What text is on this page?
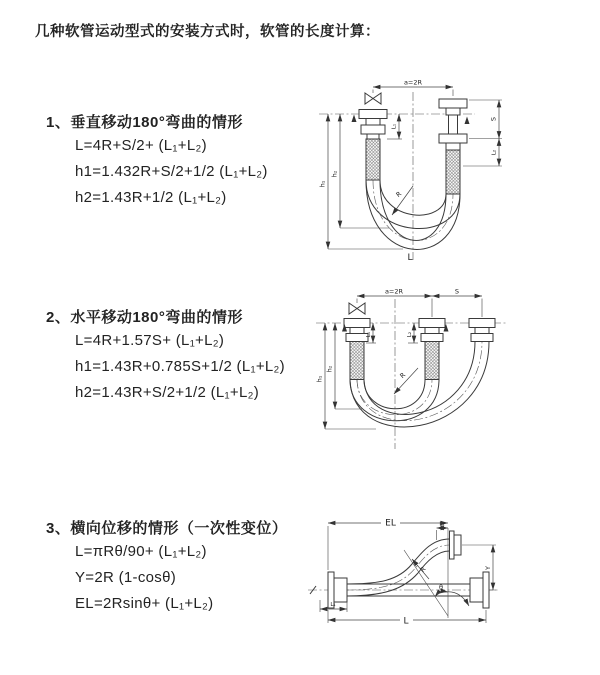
几种软管运动型式的安装方式时，软管的长度计算：
1、垂直移动180°弯曲的情形
L=4R+S/2+ (L₁+L₂)
h1=1.432R+S/2+1/2 (L₁+L₂)
h2=1.43R+1/2 (L₁+L₂)
2、水平移动180°弯曲的情形
L=4R+1.57S+ (L₁+L₂)
h1=1.43R+0.785S+1/2 (L₁+L₂)
h2=1.43R+S/2+1/2 (L₁+L₂)
3、横向位移的情形（一次性变位）
L=πRθ/90+ (L₁+L₂)
Y=2R (1-cosθ)
EL=2Rsinθ+ (L₁+L₂)
a=2R
L₁
S
L₂
h₁
h₂
R
L
a=2R	S
h₁
h₂
L₁	L₂
R
EL	L₂
Y
R
θ
L₁
L
